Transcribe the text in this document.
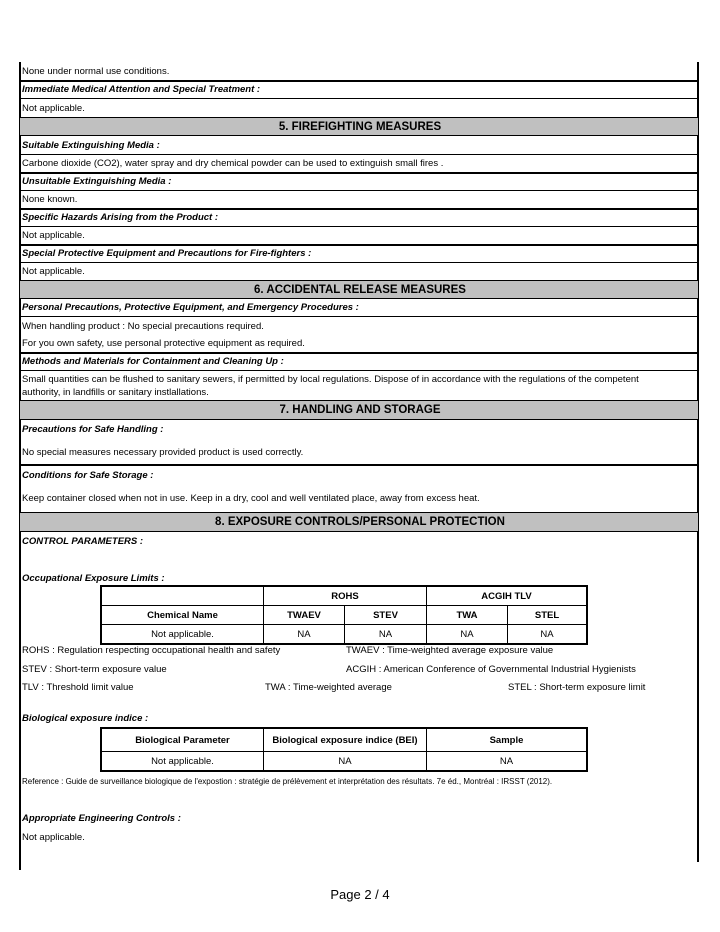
None under normal use conditions.
Immediate Medical Attention and Special Treatment :
Not applicable.
5. FIREFIGHTING MEASURES
Suitable Extinguishing Media :
Carbone dioxide (CO2), water spray and dry chemical powder can be used to extinguish small fires .
Unsuitable Extinguishing Media :
None known.
Specific Hazards Arising from the Product :
Not applicable.
Special Protective Equipment and Precautions for Fire-fighters :
Not applicable.
6. ACCIDENTAL RELEASE MEASURES
Personal Precautions, Protective Equipment, and Emergency Procedures :
When handling product : No special precautions required.
For you own safety, use personal protective equipment as required.
Methods and Materials for Containment and Cleaning Up :
Small quantities can be flushed to sanitary sewers, if permitted by local regulations. Dispose of in accordance with the regulations of the competent authority, in landfills or sanitary instlallations.
7. HANDLING AND STORAGE
Precautions for Safe Handling :
No special measures necessary provided product is used correctly.
Conditions for Safe Storage :
Keep container closed when not in use. Keep in a dry, cool and well ventilated place, away from excess heat.
8. EXPOSURE CONTROLS/PERSONAL PROTECTION
CONTROL PARAMETERS :
Occupational Exposure Limits :
	ROHS		ACGIH TLV	
Chemical Name	TWAEV	STEV	TWA	STEL
Not applicable.	NA	NA	NA	NA
ROHS : Regulation respecting occupational health and safety	TWAEV : Time-weighted average exposure value
STEV : Short-term exposure value	ACGIH : American Conference of Governmental Industrial Hygienists
TLV : Threshold limit value	TWA : Time-weighted average	STEL : Short-term exposure limit
Biological exposure indice :
Biological Parameter	Biological exposure indice (BEI)	Sample
Not applicable.	NA	NA
Reference : Guide de surveillance biologique de l'expostion : stratégie de prélèvement et interprétation des résultats. 7e éd., Montréal : IRSST (2012).
Appropriate Engineering Controls :
Not applicable.
Page 2 / 4
